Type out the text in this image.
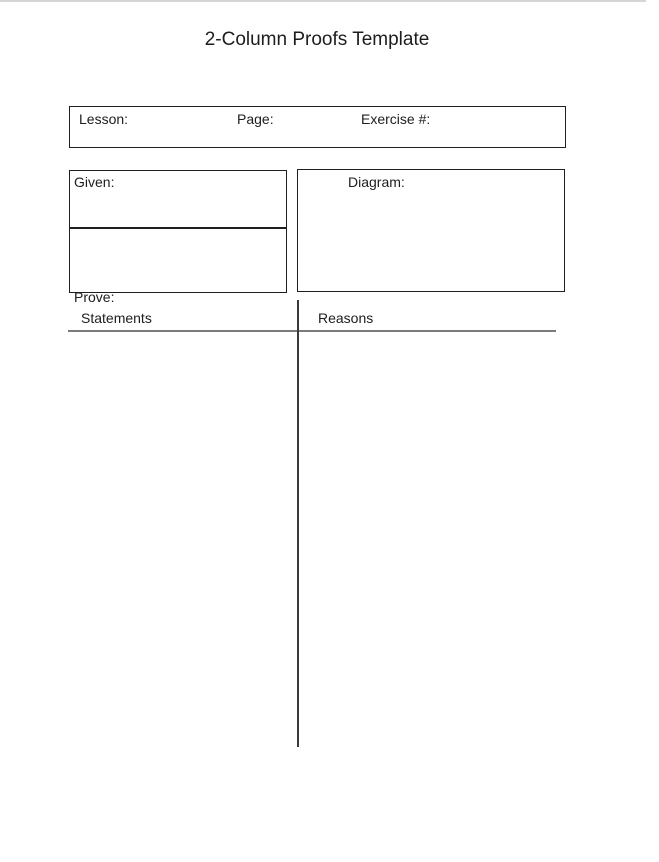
2-Column Proofs Template
Lesson:	Page:	Exercise #:
Given:
Prove:
Diagram:
Statements	Reasons
